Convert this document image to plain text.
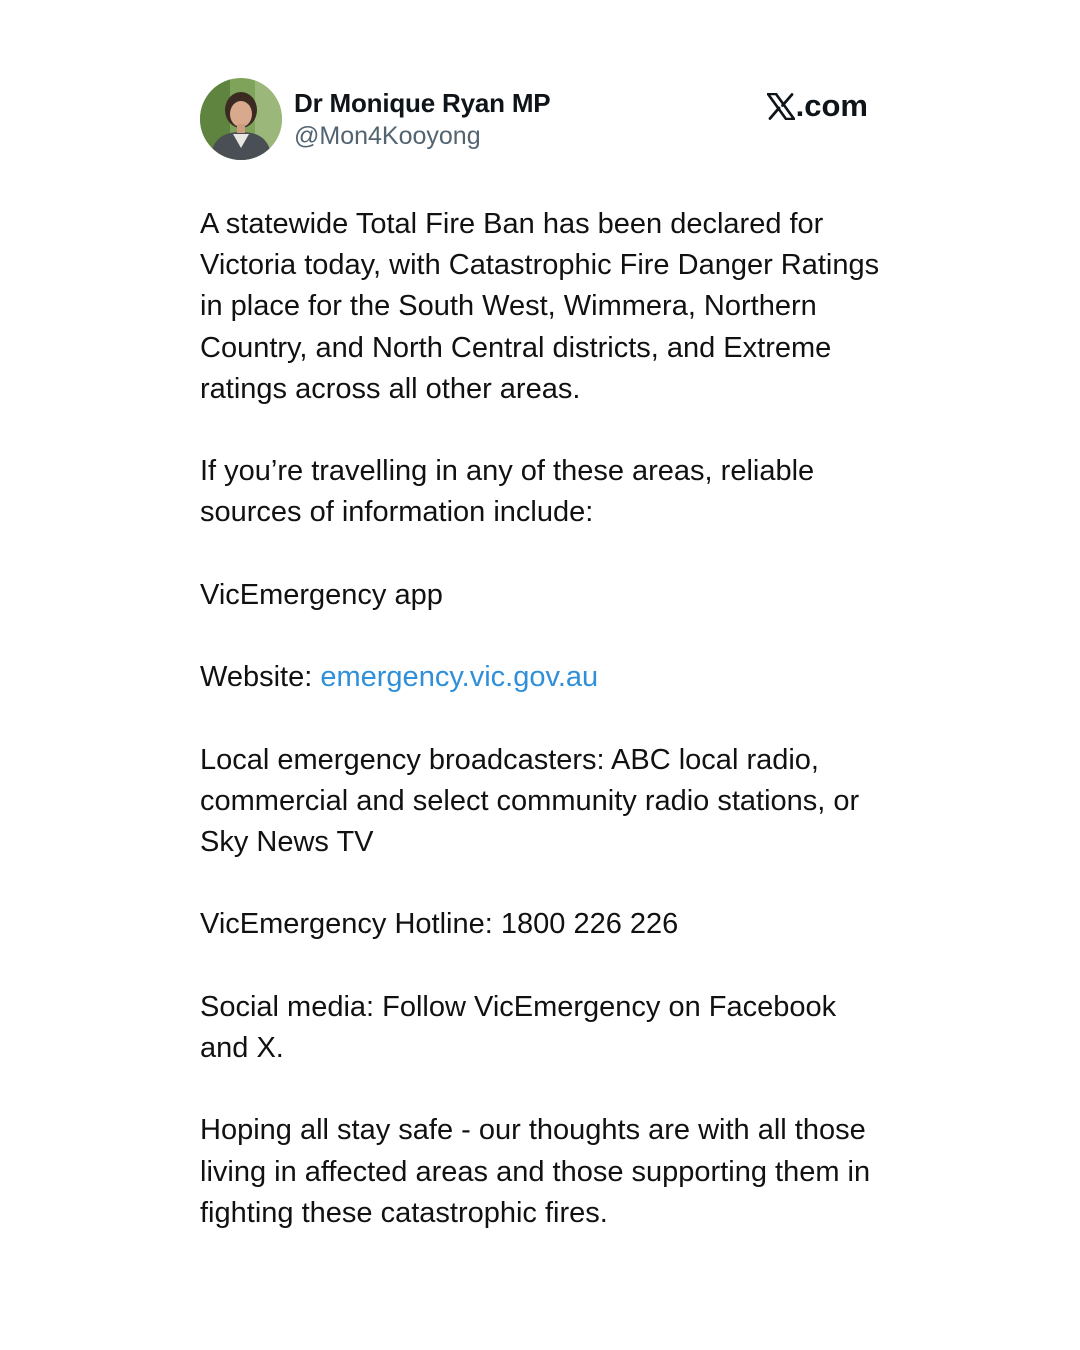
Dr Monique Ryan MP
@Mon4Kooyong
.com

A statewide Total Fire Ban has been declared for Victoria today, with Catastrophic Fire Danger Ratings in place for the South West, Wimmera, Northern Country, and North Central districts, and Extreme ratings across all other areas.

If you’re travelling in any of these areas, reliable sources of information include:

VicEmergency app

Website: emergency.vic.gov.au

Local emergency broadcasters: ABC local radio, commercial and select community radio stations, or Sky News TV

VicEmergency Hotline: 1800 226 226

Social media: Follow VicEmergency on Facebook and X.

Hoping all stay safe - our thoughts are with all those living in affected areas and those supporting them in fighting these catastrophic fires.
